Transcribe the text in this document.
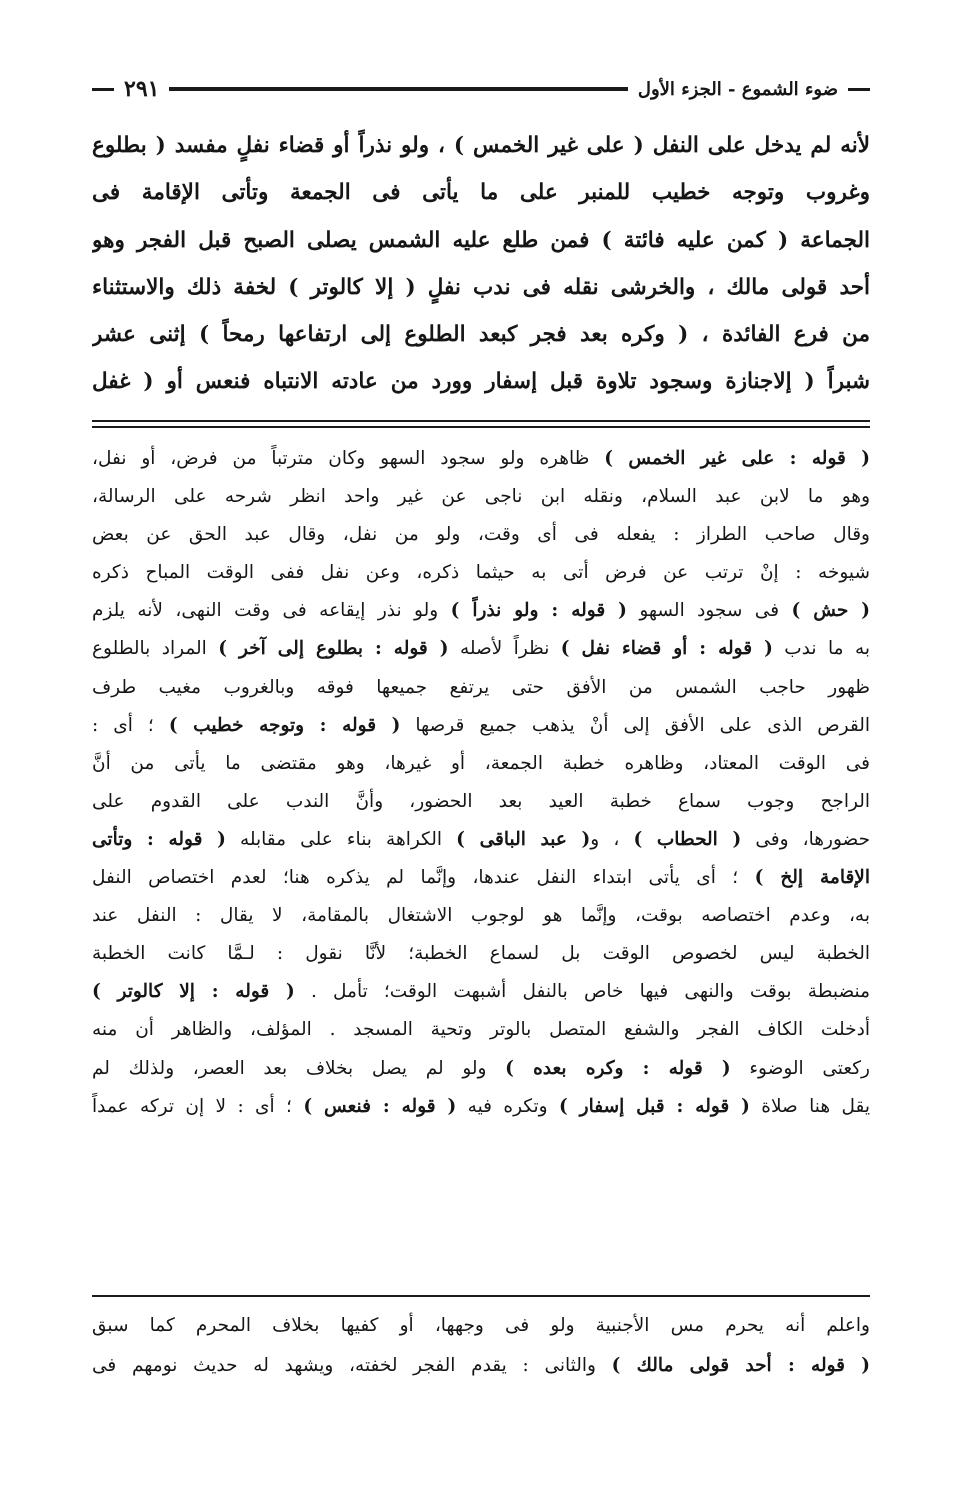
ضوء الشموع - الجزء الأول
٢٩١
لأنه لم يدخل على النفل ( على غير الخمس ) ، ولو نذراً أو قضاء نفلٍ مفسد ( بطلوع
وغروب وتوجه خطيب للمنبر على ما يأتى فى الجمعة وتأتى الإقامة فى
الجماعة ( كمن عليه فائتة ) فمن طلع عليه الشمس يصلى الصبح قبل الفجر وهو
أحد قولى مالك ، والخرشى نقله فى ندب نفلٍ ( إلا كالوتر ) لخفة ذلك والاستثناء
من فرع الفائدة ، ( وكره بعد فجر كبعد الطلوع إلى ارتفاعها رمحاً ) إثنى عشر
شبراً ( إلاجنازة وسجود تلاوة قبل إسفار وورد من عادته الانتباه فنعس أو ( غفل
( قوله : على غير الخمس ) ظاهره ولو سجود السهو وكان مترتباً من فرض، أو نفل،
وهو ما لابن عبد السلام، ونقله ابن ناجى عن غير واحد انظر شرحه على الرسالة،
وقال صاحب الطراز : يفعله فى أى وقت، ولو من نفل، وقال عبد الحق عن بعض
شيوخه : إنْ ترتب عن فرض أتى به حيثما ذكره، وعن نفل ففى الوقت المباح ذكره
( حش ) فى سجود السهو ( قوله : ولو نذراً ) ولو نذر إيقاعه فى وقت النهى، لأنه يلزم
به ما ندب ( قوله : أو قضاء نفل ) نظراً لأصله ( قوله : بطلوع إلى آخر ) المراد بالطلوع
ظهور حاجب الشمس من الأفق حتى يرتفع جميعها فوقه وبالغروب مغيب طرف
القرص الذى على الأفق إلى أنْ يذهب جميع قرصها ( قوله : وتوجه خطيب ) ؛ أى :
فى الوقت المعتاد، وظاهره خطبة الجمعة، أو غيرها، وهو مقتضى ما يأتى من أنَّ
الراجح وجوب سماع خطبة العيد بعد الحضور، وأنَّ الندب على القدوم على
حضورها، وفى ( الحطاب ) ، و( عبد الباقى ) الكراهة بناء على مقابله ( قوله : وتأتى
الإقامة إلخ ) ؛ أى يأتى ابتداء النفل عندها، وإنَّما لم يذكره هنا؛ لعدم اختصاص النفل
به، وعدم اختصاصه بوقت، وإنَّما هو لوجوب الاشتغال بالمقامة، لا يقال : النفل عند
الخطبة ليس لخصوص الوقت بل لسماع الخطبة؛ لأنَّا نقول : لـمَّا كانت الخطبة
منضبطة بوقت والنهى فيها خاص بالنفل أشبهت الوقت؛ تأمل . ( قوله : إلا كالوتر )
أدخلت الكاف الفجر والشفع المتصل بالوتر وتحية المسجد . المؤلف، والظاهر أن منه
ركعتى الوضوء ( قوله : وكره بعده ) ولو لم يصل بخلاف بعد العصر، ولذلك لم
يقل هنا صلاة ( قوله : قبل إسفار ) وتكره فيه ( قوله : فنعس ) ؛ أى : لا إن تركه عمداً
واعلم أنه يحرم مس الأجنبية ولو فى وجهها، أو كفيها بخلاف المحرم كما سبق
( قوله : أحد قولى مالك ) والثانى : يقدم الفجر لخفته، ويشهد له حديث نومهم فى
